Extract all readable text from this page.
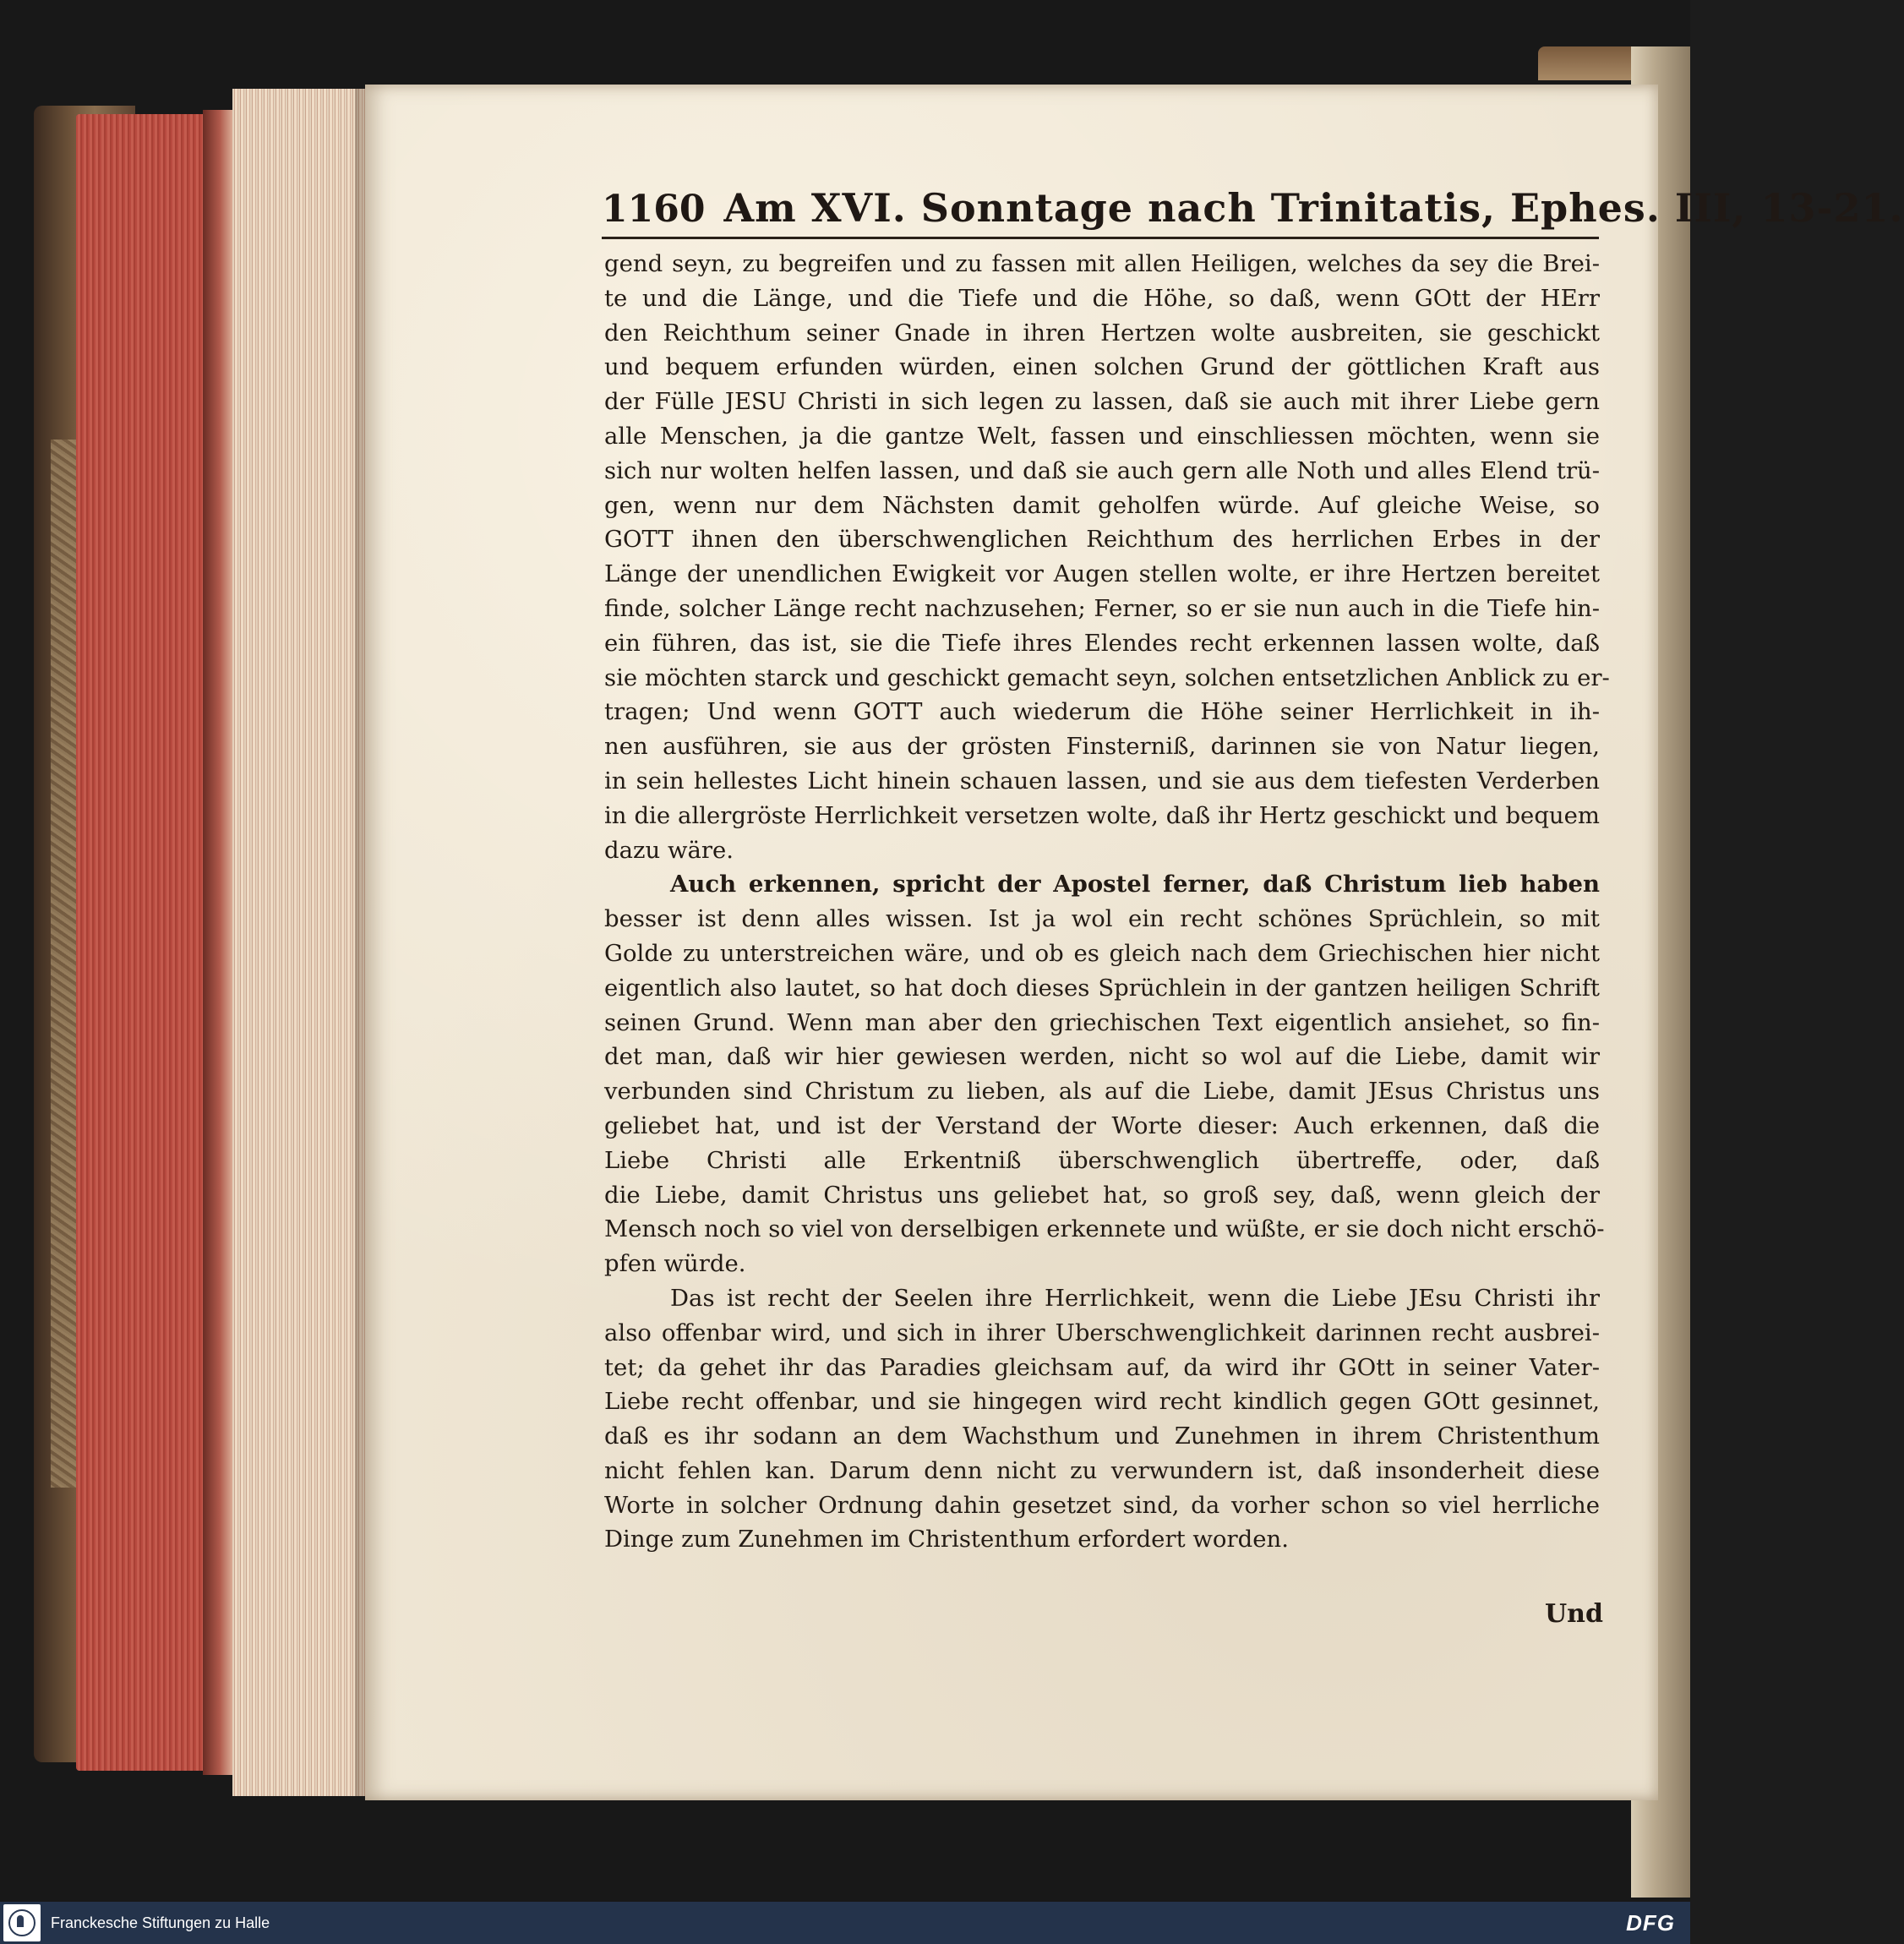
1160 Am XVI. Sonntage nach Trinitatis, Ephes. III, 13-21.
gend seyn, zu begreifen und zu fassen mit allen Heiligen, welches da sey die Brei-
te und die Länge, und die Tiefe und die Höhe, so daß, wenn GOtt der HErr
den Reichthum seiner Gnade in ihren Hertzen wolte ausbreiten, sie geschickt
und bequem erfunden würden, einen solchen Grund der göttlichen Kraft aus
der Fülle JESU Christi in sich legen zu lassen, daß sie auch mit ihrer Liebe gern
alle Menschen, ja die gantze Welt, fassen und einschliessen möchten, wenn sie
sich nur wolten helfen lassen, und daß sie auch gern alle Noth und alles Elend trü-
gen, wenn nur dem Nächsten damit geholfen würde. Auf gleiche Weise, so
GOTT ihnen den überschwenglichen Reichthum des herrlichen Erbes in der
Länge der unendlichen Ewigkeit vor Augen stellen wolte, er ihre Hertzen bereitet
finde, solcher Länge recht nachzusehen; Ferner, so er sie nun auch in die Tiefe hin-
ein führen, das ist, sie die Tiefe ihres Elendes recht erkennen lassen wolte, daß
sie möchten starck und geschickt gemacht seyn, solchen entsetzlichen Anblick zu er-
tragen; Und wenn GOTT auch wiederum die Höhe seiner Herrlichkeit in ih-
nen ausführen, sie aus der grösten Finsterniß, darinnen sie von Natur liegen,
in sein hellestes Licht hinein schauen lassen, und sie aus dem tiefesten Verderben
in die allergröste Herrlichkeit versetzen wolte, daß ihr Hertz geschickt und bequem
dazu wäre.
Auch erkennen, spricht der Apostel ferner, daß Christum lieb haben
besser ist denn alles wissen. Ist ja wol ein recht schönes Sprüchlein, so mit
Golde zu unterstreichen wäre, und ob es gleich nach dem Griechischen hier nicht
eigentlich also lautet, so hat doch dieses Sprüchlein in der gantzen heiligen Schrift
seinen Grund. Wenn man aber den griechischen Text eigentlich ansiehet, so fin-
det man, daß wir hier gewiesen werden, nicht so wol auf die Liebe, damit wir
verbunden sind Christum zu lieben, als auf die Liebe, damit JEsus Christus uns
geliebet hat, und ist der Verstand der Worte dieser: Auch erkennen, daß die
Liebe Christi alle Erkentniß überschwenglich übertreffe, oder, daß
die Liebe, damit Christus uns geliebet hat, so groß sey, daß, wenn gleich der
Mensch noch so viel von derselbigen erkennete und wüßte, er sie doch nicht erschö-
pfen würde.
Das ist recht der Seelen ihre Herrlichkeit, wenn die Liebe JEsu Christi ihr
also offenbar wird, und sich in ihrer Uberschwenglichkeit darinnen recht ausbrei-
tet; da gehet ihr das Paradies gleichsam auf, da wird ihr GOtt in seiner Vater-
Liebe recht offenbar, und sie hingegen wird recht kindlich gegen GOtt gesinnet,
daß es ihr sodann an dem Wachsthum und Zunehmen in ihrem Christenthum
nicht fehlen kan. Darum denn nicht zu verwundern ist, daß insonderheit diese
Worte in solcher Ordnung dahin gesetzet sind, da vorher schon so viel herrliche
Dinge zum Zunehmen im Christenthum erfordert worden.
Und
Franckesche Stiftungen zu Halle	DFG
